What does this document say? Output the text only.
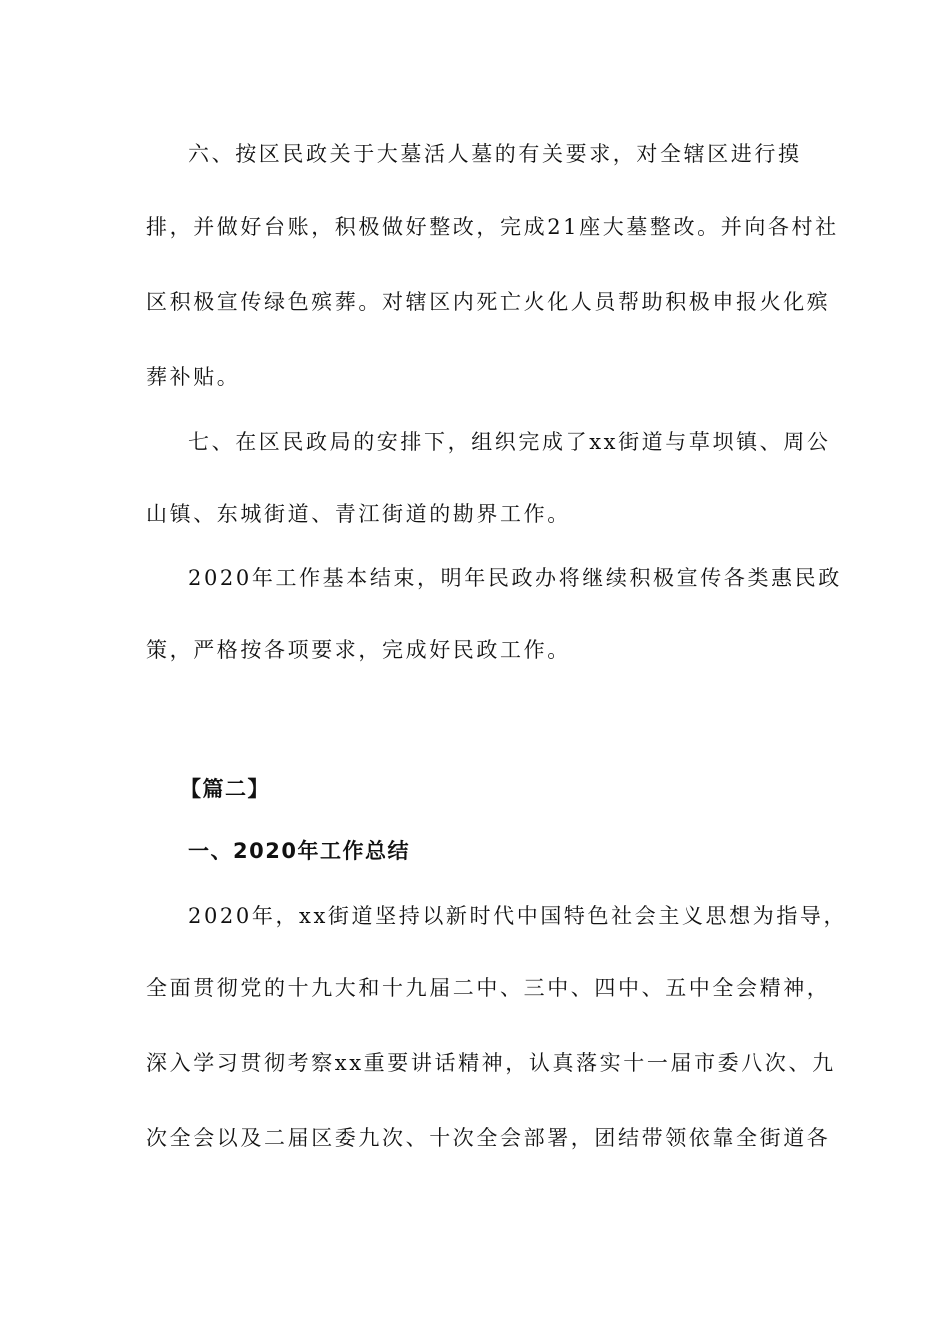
六、按区民政关于大墓活人墓的有关要求，对全辖区进行摸
排，并做好台账，积极做好整改，完成21座大墓整改。并向各村社
区积极宣传绿色殡葬。对辖区内死亡火化人员帮助积极申报火化殡
葬补贴。
七、在区民政局的安排下，组织完成了xx街道与草坝镇、周公
山镇、东城街道、青江街道的勘界工作。
2020年工作基本结束，明年民政办将继续积极宣传各类惠民政
策，严格按各项要求，完成好民政工作。
【篇二】
一、2020年工作总结
2020年，xx街道坚持以新时代中国特色社会主义思想为指导，
全面贯彻党的十九大和十九届二中、三中、四中、五中全会精神，
深入学习贯彻考察xx重要讲话精神，认真落实十一届市委八次、九
次全会以及二届区委九次、十次全会部署，团结带领依靠全街道各
